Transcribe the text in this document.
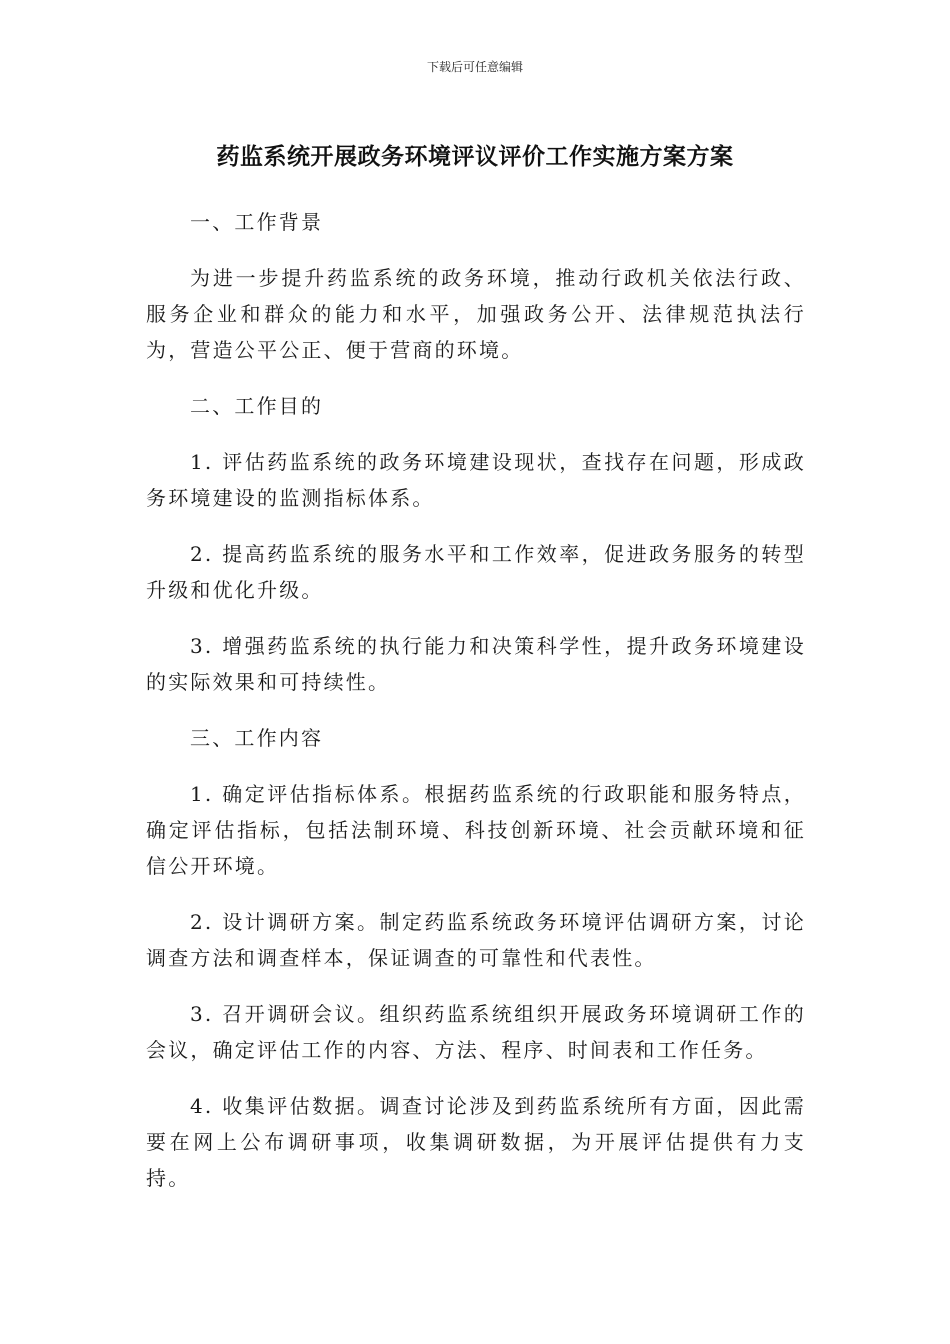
下载后可任意编辑
药监系统开展政务环境评议评价工作实施方案方案

一、工作背景

为进一步提升药监系统的政务环境，推动行政机关依法行政、服务企业和群众的能力和水平，加强政务公开、法律规范执法行为，营造公平公正、便于营商的环境。

二、工作目的

1. 评估药监系统的政务环境建设现状，查找存在问题，形成政务环境建设的监测指标体系。

2. 提高药监系统的服务水平和工作效率，促进政务服务的转型升级和优化升级。

3. 增强药监系统的执行能力和决策科学性，提升政务环境建设的实际效果和可持续性。

三、工作内容

1. 确定评估指标体系。根据药监系统的行政职能和服务特点，确定评估指标，包括法制环境、科技创新环境、社会贡献环境和征信公开环境。

2. 设计调研方案。制定药监系统政务环境评估调研方案，讨论调查方法和调查样本，保证调查的可靠性和代表性。

3. 召开调研会议。组织药监系统组织开展政务环境调研工作的会议，确定评估工作的内容、方法、程序、时间表和工作任务。

4. 收集评估数据。调查讨论涉及到药监系统所有方面，因此需要在网上公布调研事项，收集调研数据，为开展评估提供有力支持。
